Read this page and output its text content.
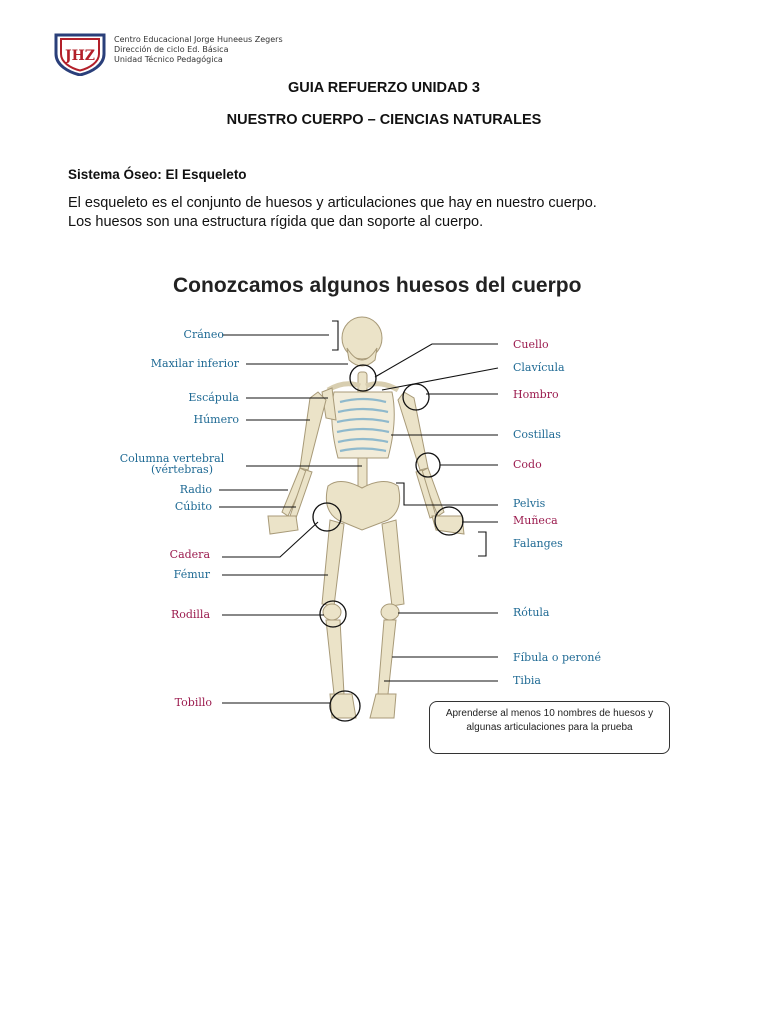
JHZ
Centro Educacional Jorge Huneeus Zegers
Dirección de ciclo Ed. Básica
Unidad Técnico Pedagógica
GUIA REFUERZO UNIDAD 3
NUESTRO CUERPO – CIENCIAS NATURALES
Sistema Óseo: El Esqueleto
El esqueleto es el conjunto de huesos y articulaciones que hay en nuestro cuerpo.
Los huesos son una estructura rígida que dan soporte al cuerpo.
Conozcamos algunos huesos del cuerpo
Cráneo
Maxilar inferior
Escápula
Húmero
Columna vertebral
(vértebras)
Radio
Cúbito
Cadera
Fémur
Rodilla
Tobillo
Cuello
Clavícula
Hombro
Costillas
Codo
Pelvis
Muñeca
Falanges
Rótula
Fíbula o peroné
Tibia
Aprenderse al menos 10 nombres de huesos y algunas articulaciones para la prueba
